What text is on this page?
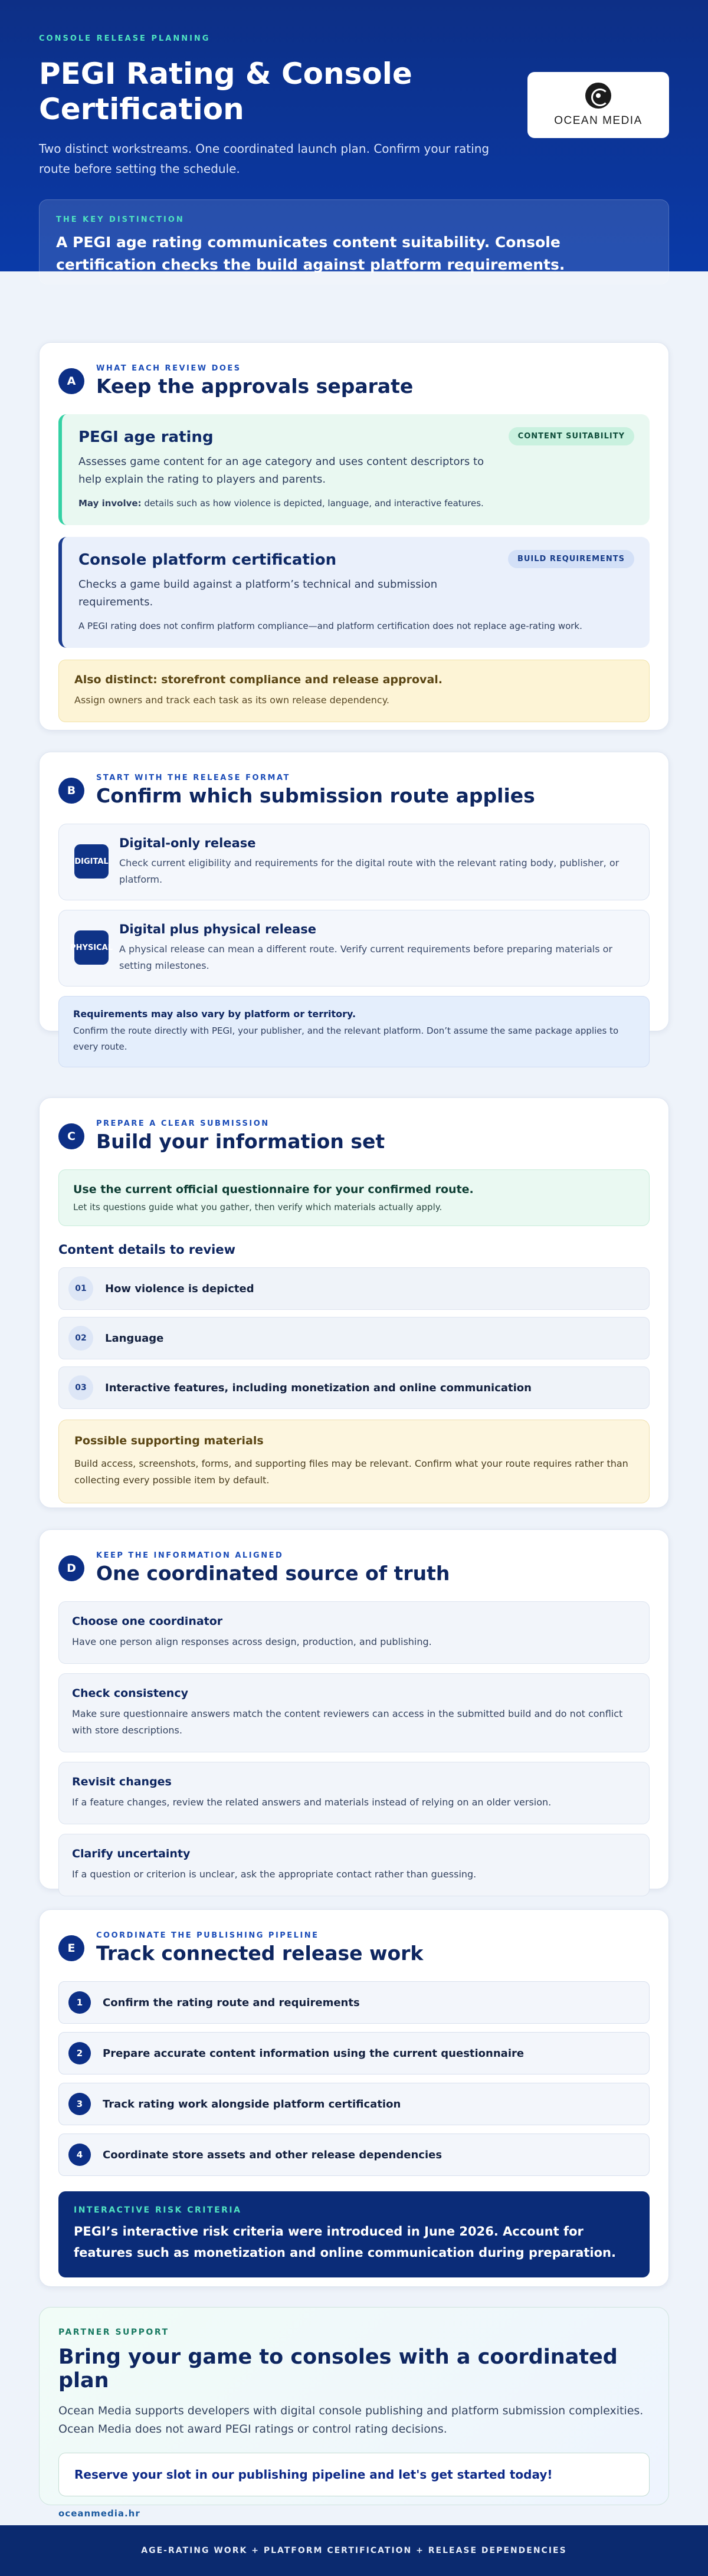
CONSOLE RELEASE PLANNING
PEGI Rating & Console Certification

Two distinct workstreams. One coordinated launch plan. Confirm your rating route before setting the schedule.

OCEAN MEDIA
THE KEY DISTINCTION
A PEGI age rating communicates content suitability. Console certification checks the build against platform requirements.
A
WHAT EACH REVIEW DOES
Keep the approvals separate
PEGI age rating	CONTENT SUITABILITY

Assesses game content for an age category and uses content descriptors to help explain the rating to players and parents.

May involve: details such as how violence is depicted, language, and interactive features.

Console platform certification	BUILD REQUIREMENTS

Checks a game build against a platform’s technical and submission requirements.

A PEGI rating does not confirm platform compliance—and platform certification does not replace age-rating work.

Also distinct: storefront compliance and release approval.
Assign owners and track each task as its own release dependency.
B
START WITH THE RELEASE FORMAT
Confirm which submission route applies
DIGITAL
Digital-only release

Check current eligibility and requirements for the digital route with the relevant rating body, publisher, or platform.

PHYSICAL
Digital plus physical release

A physical release can mean a different route. Verify current requirements before preparing materials or setting milestones.

Requirements may also vary by platform or territory.
Confirm the route directly with PEGI, your publisher, and the relevant platform. Don’t assume the same package applies to every route.
C
PREPARE A CLEAR SUBMISSION
Build your information set
Use the current official questionnaire for your confirmed route.
Let its questions guide what you gather, then verify which materials actually apply.
Content details to review
01	How violence is depicted
02	Language
03	Interactive features, including monetization and online communication
Possible supporting materials
Build access, screenshots, forms, and supporting files may be relevant. Confirm what your route requires rather than collecting every possible item by default.
D
KEEP THE INFORMATION ALIGNED
One coordinated source of truth
Choose one coordinator
Have one person align responses across design, production, and publishing.
Check consistency
Make sure questionnaire answers match the content reviewers can access in the submitted build and do not conflict with store descriptions.
Revisit changes
If a feature changes, review the related answers and materials instead of relying on an older version.
Clarify uncertainty
If a question or criterion is unclear, ask the appropriate contact rather than guessing.
E
COORDINATE THE PUBLISHING PIPELINE
Track connected release work
1	Confirm the rating route and requirements
2	Prepare accurate content information using the current questionnaire
3	Track rating work alongside platform certification
4	Coordinate store assets and other release dependencies
INTERACTIVE RISK CRITERIA
PEGI’s interactive risk criteria were introduced in June 2026. Account for features such as monetization and online communication during preparation.
PARTNER SUPPORT
Bring your game to consoles with a coordinated plan

Ocean Media supports developers with digital console publishing and platform submission complexities. Ocean Media does not award PEGI ratings or control rating decisions.

Reserve your slot in our publishing pipeline and let's get started today!
oceanmedia.hr
AGE-RATING WORK + PLATFORM CERTIFICATION + RELEASE DEPENDENCIES
